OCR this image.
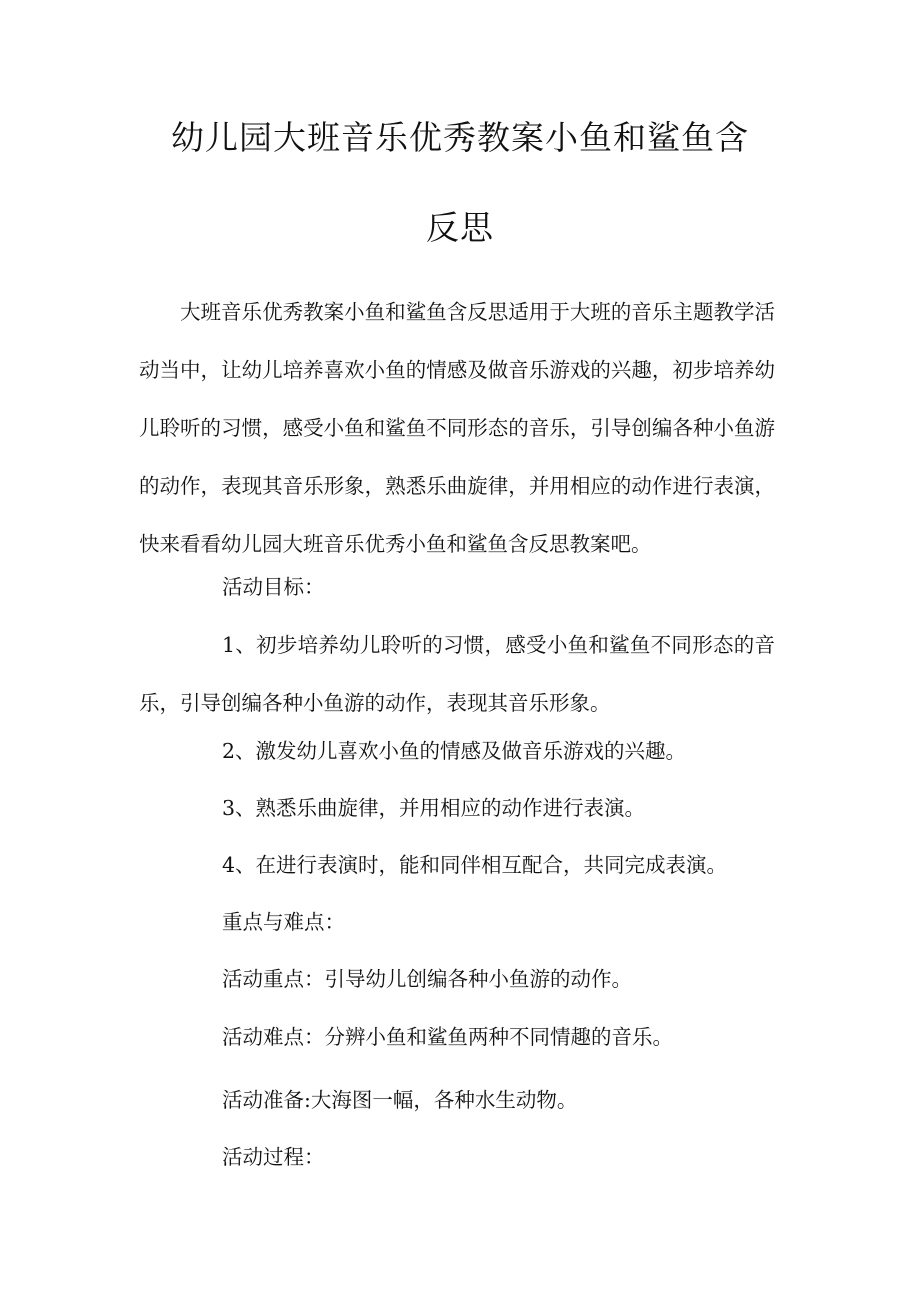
幼儿园大班音乐优秀教案小鱼和鲨鱼含
反思
大班音乐优秀教案小鱼和鲨鱼含反思适用于大班的音乐主题教学活动当中，让幼儿培养喜欢小鱼的情感及做音乐游戏的兴趣，初步培养幼儿聆听的习惯，感受小鱼和鲨鱼不同形态的音乐，引导创编各种小鱼游的动作，表现其音乐形象，熟悉乐曲旋律，并用相应的动作进行表演，快来看看幼儿园大班音乐优秀小鱼和鲨鱼含反思教案吧。
活动目标：
1、初步培养幼儿聆听的习惯，感受小鱼和鲨鱼不同形态的音乐，引导创编各种小鱼游的动作，表现其音乐形象。
2、激发幼儿喜欢小鱼的情感及做音乐游戏的兴趣。
3、熟悉乐曲旋律，并用相应的动作进行表演。
4、在进行表演时，能和同伴相互配合，共同完成表演。
重点与难点：
活动重点：引导幼儿创编各种小鱼游的动作。
活动难点：分辨小鱼和鲨鱼两种不同情趣的音乐。
活动准备:大海图一幅，各种水生动物。
活动过程：
